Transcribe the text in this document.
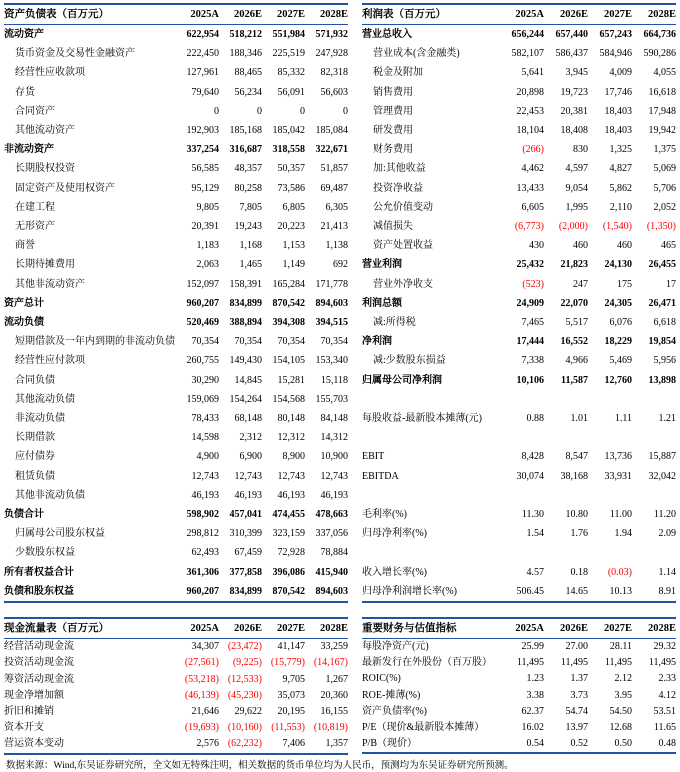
资产负债表（百万元）	2025A	2026E	2027E	2028E
流动资产	622,954	518,212	551,984	571,932
货币资金及交易性金融资产	222,450	188,346	225,519	247,928
经营性应收款项	127,961	88,465	85,332	82,318
存货	79,640	56,234	56,091	56,603
合同资产	0	0	0	0
其他流动资产	192,903	185,168	185,042	185,084
非流动资产	337,254	316,687	318,558	322,671
长期股权投资	56,585	48,357	50,357	51,857
固定资产及使用权资产	95,129	80,258	73,586	69,487
在建工程	9,805	7,805	6,805	6,305
无形资产	20,391	19,243	20,223	21,413
商誉	1,183	1,168	1,153	1,138
长期待摊费用	2,063	1,465	1,149	692
其他非流动资产	152,097	158,391	165,284	171,778
资产总计	960,207	834,899	870,542	894,603
流动负债	520,469	388,894	394,308	394,515
短期借款及一年内到期的非流动负债	70,354	70,354	70,354	70,354
经营性应付款项	260,755	149,430	154,105	153,340
合同负债	30,290	14,845	15,281	15,118
其他流动负债	159,069	154,264	154,568	155,703
非流动负债	78,433	68,148	80,148	84,148
长期借款	14,598	2,312	12,312	14,312
应付债券	4,900	6,900	8,900	10,900
租赁负债	12,743	12,743	12,743	12,743
其他非流动负债	46,193	46,193	46,193	46,193
负债合计	598,902	457,041	474,455	478,663
归属母公司股东权益	298,812	310,399	323,159	337,056
少数股东权益	62,493	67,459	72,928	78,884
所有者权益合计	361,306	377,858	396,086	415,940
负债和股东权益	960,207	834,899	870,542	894,603
现金流量表（百万元）	2025A	2026E	2027E	2028E
经营活动现金流	34,307	(23,472)	41,147	33,259
投资活动现金流	(27,561)	(9,225)	(15,779)	(14,167)
筹资活动现金流	(53,218)	(12,533)	9,705	1,267
现金净增加额	(46,139)	(45,230)	35,073	20,360
折旧和摊销	21,646	29,622	20,195	16,155
资本开支	(19,693)	(10,160)	(11,553)	(10,819)
营运资本变动	2,576	(62,232)	7,406	1,357
利润表（百万元）	2025A	2026E	2027E	2028E
营业总收入	656,244	657,440	657,243	664,736
营业成本(含金融类)	582,107	586,437	584,946	590,286
税金及附加	5,641	3,945	4,009	4,055
销售费用	20,898	19,723	17,746	16,618
管理费用	22,453	20,381	18,403	17,948
研发费用	18,104	18,408	18,403	19,942
财务费用	(266)	830	1,325	1,375
加:其他收益	4,462	4,597	4,827	5,069
投资净收益	13,433	9,054	5,862	5,706
公允价值变动	6,605	1,995	2,110	2,052
减值损失	(6,773)	(2,000)	(1,540)	(1,350)
资产处置收益	430	460	460	465
营业利润	25,432	21,823	24,130	26,455
营业外净收支	(523)	247	175	17
利润总额	24,909	22,070	24,305	26,471
减:所得税	7,465	5,517	6,076	6,618
净利润	17,444	16,552	18,229	19,854
减:少数股东损益	7,338	4,966	5,469	5,956
归属母公司净利润	10,106	11,587	12,760	13,898

每股收益-最新股本摊薄(元)	0.88	1.01	1.11	1.21

EBIT	8,428	8,547	13,736	15,887
EBITDA	30,074	38,168	33,931	32,042

毛利率(%)	11.30	10.80	11.00	11.20
归母净利率(%)	1.54	1.76	1.94	2.09

收入增长率(%)	4.57	0.18	(0.03)	1.14
归母净利润增长率(%)	506.45	14.65	10.13	8.91
重要财务与估值指标	2025A	2026E	2027E	2028E
每股净资产(元)	25.99	27.00	28.11	29.32
最新发行在外股份（百万股）	11,495	11,495	11,495	11,495
ROIC(%)	1.23	1.37	2.12	2.33
ROE-摊薄(%)	3.38	3.73	3.95	4.12
资产负债率(%)	62.37	54.74	54.50	53.51
P/E（现价&最新股本摊薄）	16.02	13.97	12.68	11.65
P/B（现价）	0.54	0.52	0.50	0.48
数据来源：Wind,东吴证券研究所，全文如无特殊注明，相关数据的货币单位均为人民币，预测均为东吴证券研究所预测。
